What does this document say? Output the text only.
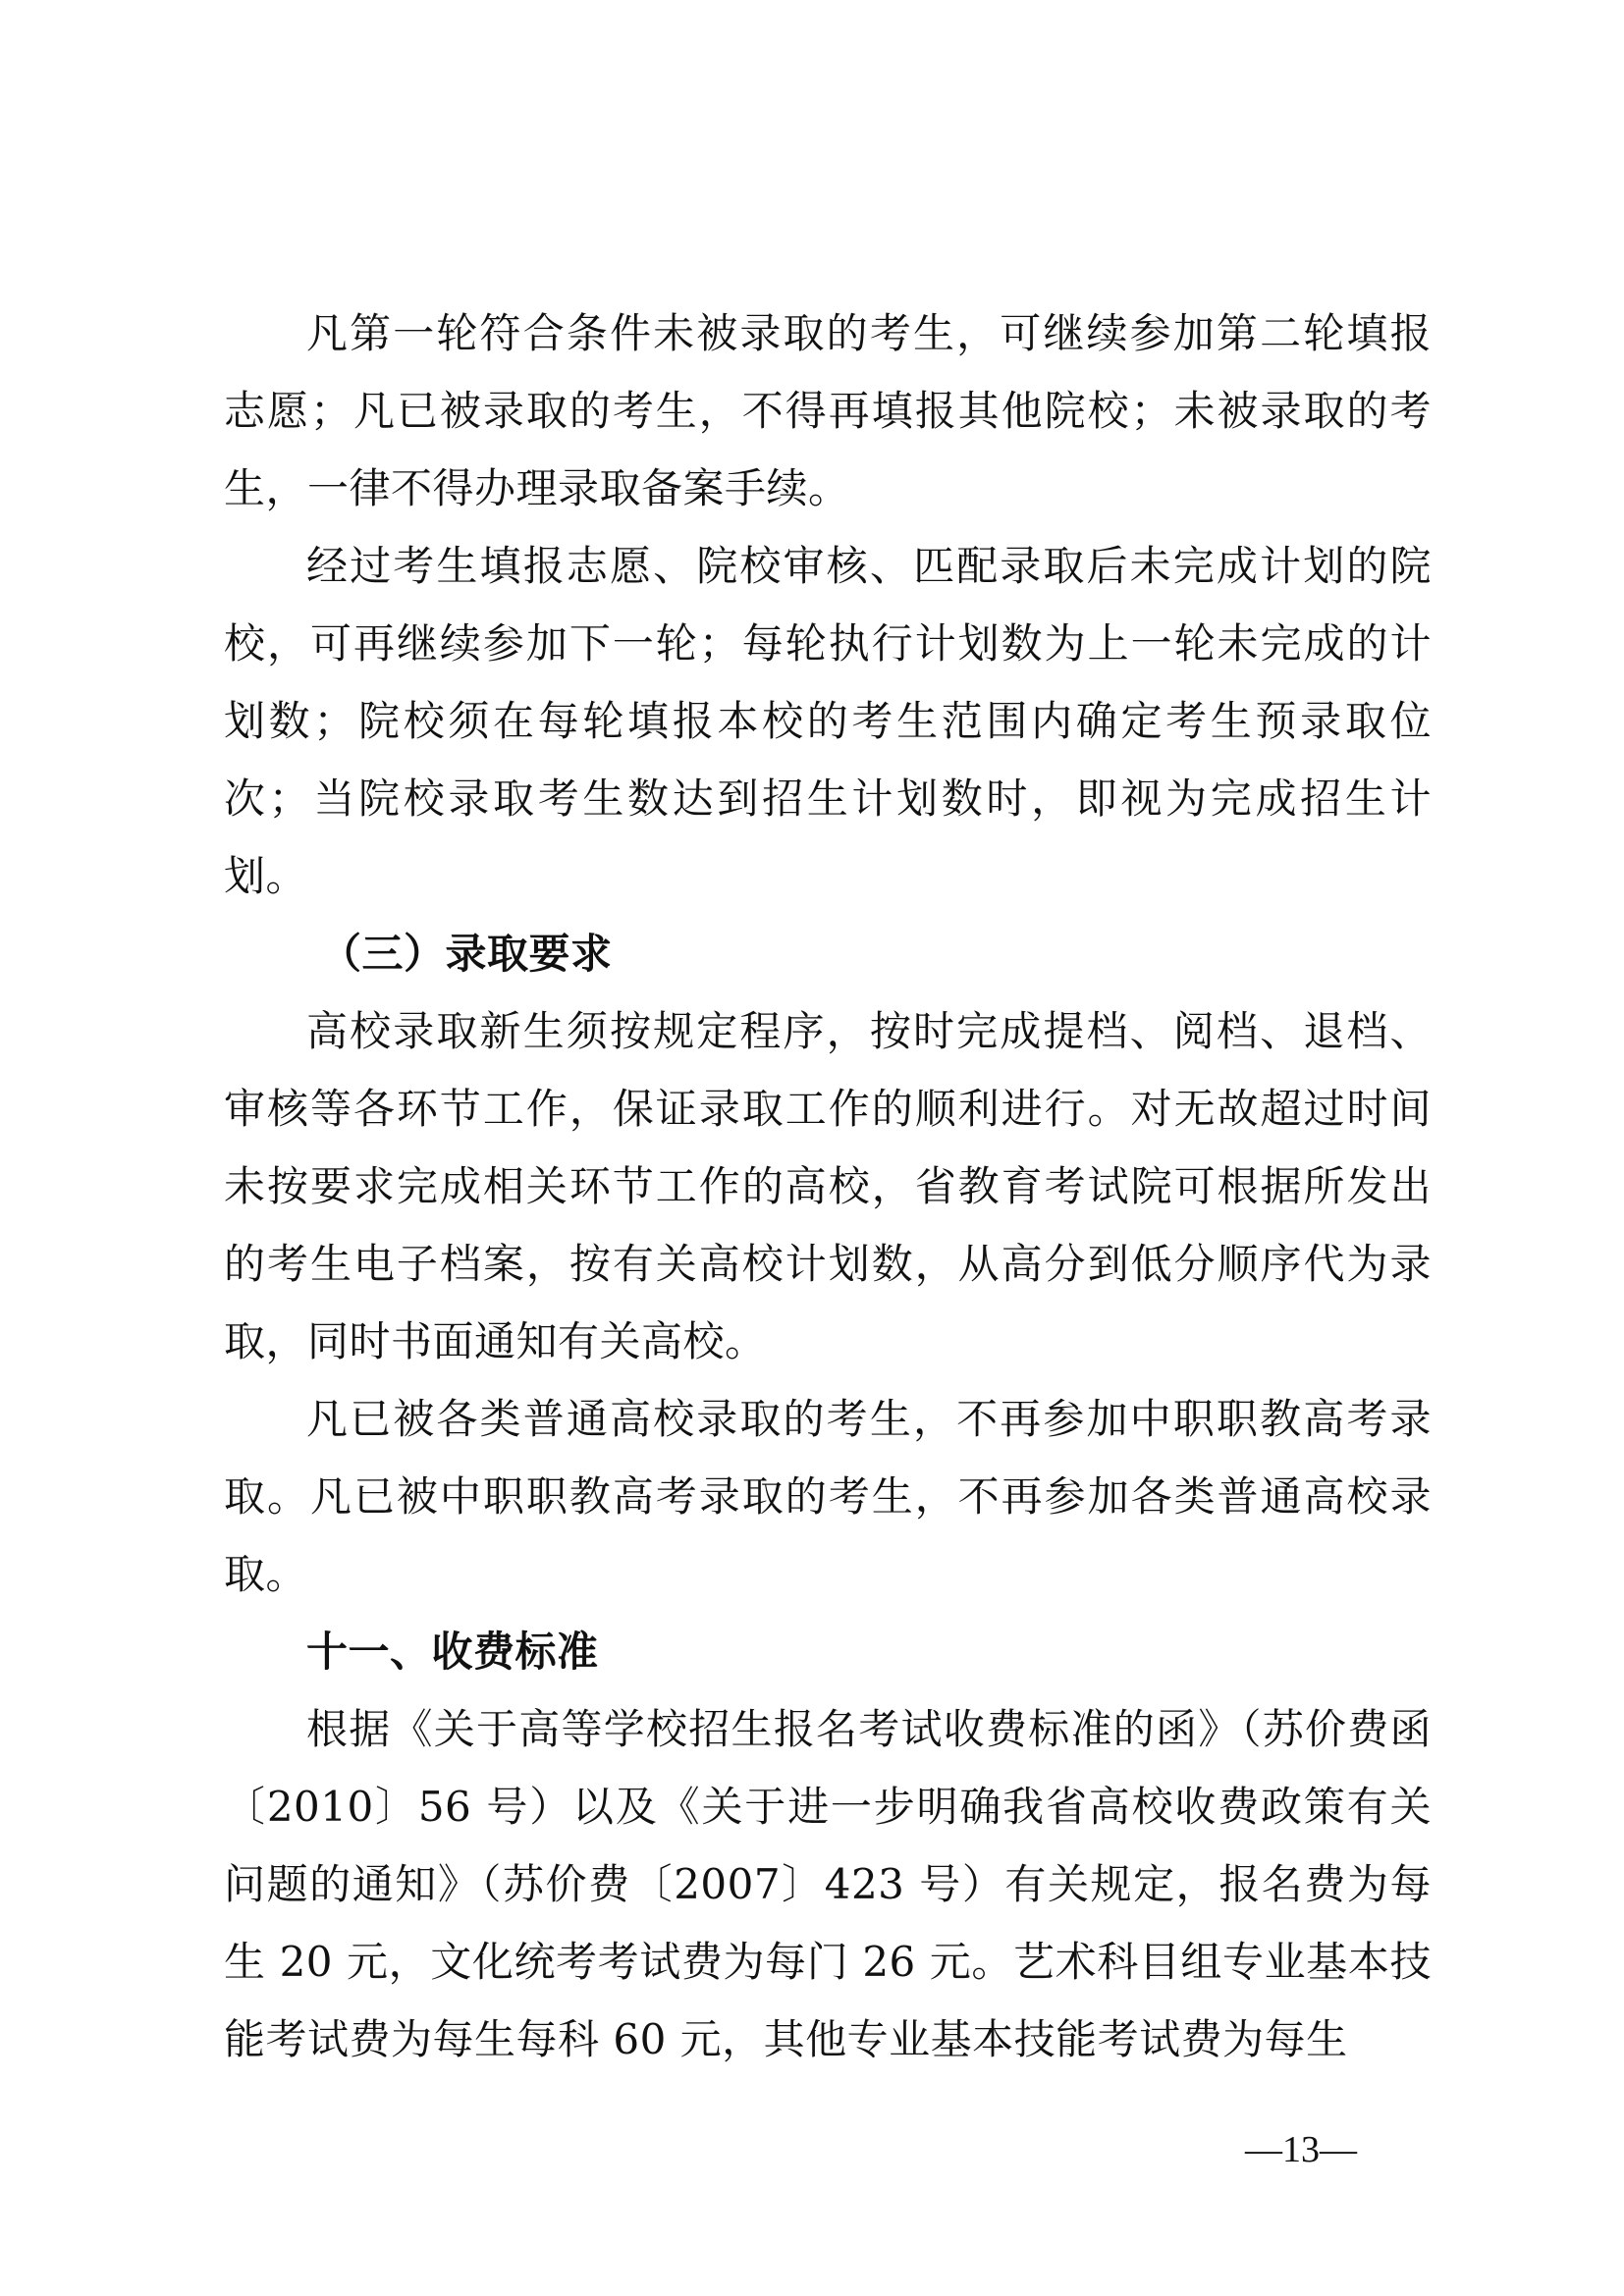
凡第一轮符合条件未被录取的考生，可继续参加第二轮填报志愿；凡已被录取的考生，不得再填报其他院校；未被录取的考生，一律不得办理录取备案手续。

经过考生填报志愿、院校审核、匹配录取后未完成计划的院校，可再继续参加下一轮；每轮执行计划数为上一轮未完成的计划数；院校须在每轮填报本校的考生范围内确定考生预录取位次；当院校录取考生数达到招生计划数时，即视为完成招生计划。

（三）录取要求

高校录取新生须按规定程序，按时完成提档、阅档、退档、审核等各环节工作，保证录取工作的顺利进行。对无故超过时间未按要求完成相关环节工作的高校，省教育考试院可根据所发出的考生电子档案，按有关高校计划数，从高分到低分顺序代为录取，同时书面通知有关高校。

凡已被各类普通高校录取的考生，不再参加中职职教高考录取。凡已被中职职教高考录取的考生，不再参加各类普通高校录取。

十一、收费标准

根据《关于高等学校招生报名考试收费标准的函》（苏价费函〔2010〕56 号）以及《关于进一步明确我省高校收费政策有关问题的通知》（苏价费〔2007〕423 号）有关规定，报名费为每生 20 元，文化统考考试费为每门 26 元。艺术科目组专业基本技能考试费为每生每科 60 元，其他专业基本技能考试费为每生

—13—
